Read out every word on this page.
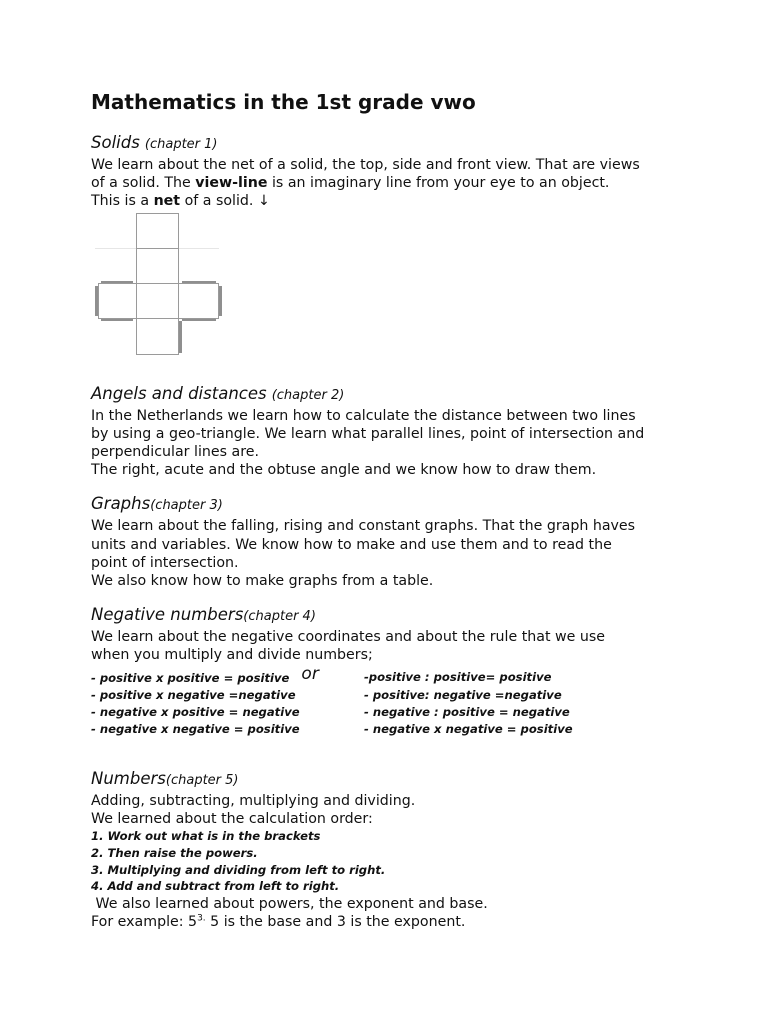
Mathematics in the 1st grade vwo
Solids (chapter 1)

We learn about the net of a solid, the top, side and front view. That are views

of a solid. The view-line is an imaginary line from your eye to an object.

This is a net of a solid. ↓

Angels and distances (chapter 2)

In the Netherlands we learn how to calculate the distance between two lines

by using a geo-triangle. We learn what parallel lines, point of intersection and

perpendicular lines are.

The right, acute and the obtuse angle and we know how to draw them.

Graphs(chapter 3)

We learn about the falling, rising and constant graphs. That the graph haves

units and variables. We know how to make and use them and to read the

point of intersection.

We also know how to make graphs from a table.

Negative numbers(chapter 4)

We learn about the negative coordinates and about the rule that we use

when you multiply and divide numbers;

- positive x positive = positive or	-positive : positive= positive
- positive x negative =negative	- positive: negative =negative
- negative x positive = negative	- negative : positive = negative
- negative x negative = positive	- negative x negative = positive
Numbers(chapter 5)

Adding, subtracting, multiplying and dividing.

We learned about the calculation order:

1. Work out what is in the brackets
2. Then raise the powers.
3. Multiplying and dividing from left to right.
4. Add and subtract from left to right.

We also learned about powers, the exponent and base.

For example: $5^{3.}$ 5 is the base and 3 is the exponent.
